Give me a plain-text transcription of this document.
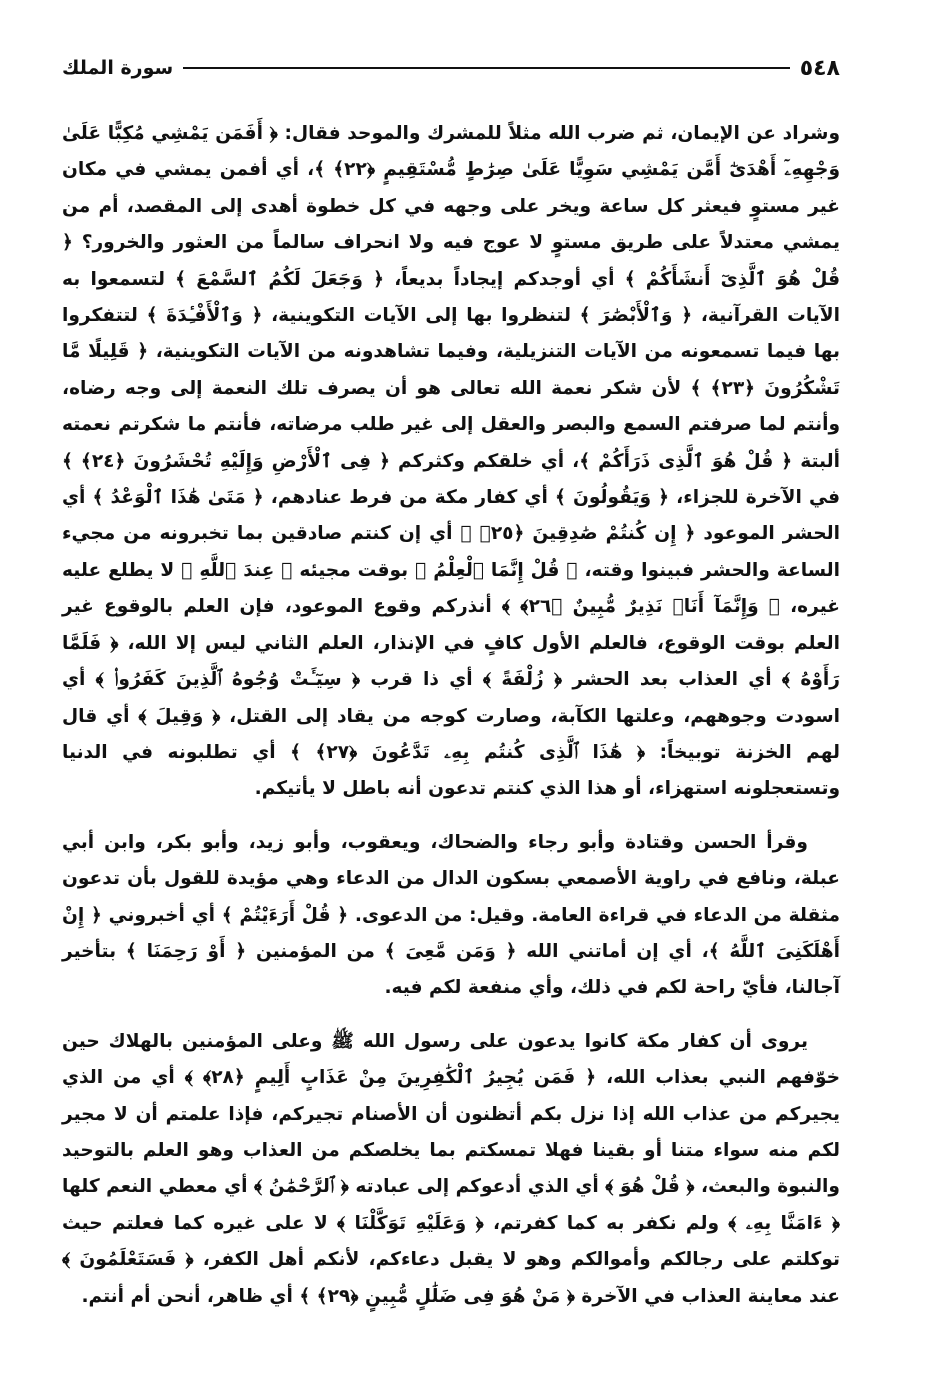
٥٤٨
سورة الملك

وشراد عن الإيمان، ثم ضرب الله مثلاً للمشرك والموحد فقال: ﴿ أَفَمَن يَمْشِي مُكِبًّا عَلَىٰ وَجْهِهِۦٓ أَهْدَىٰٓ أَمَّن يَمْشِي سَوِيًّا عَلَىٰ صِرَٰطٍ مُّسْتَقِيمٍ ﴿٢٢﴾ ﴾، أي أفمن يمشي في مكان غير مستوٍ فيعثر كل ساعة ويخر على وجهه في كل خطوة أهدى إلى المقصد، أم من يمشي معتدلاً على طريق مستوٍ لا عوج فيه ولا انحراف سالماً من العثور والخرور؟ ﴿ قُلْ هُوَ ٱلَّذِىٓ أَنشَأَكُمْ ﴾ أي أوجدكم إيجاداً بديعاً، ﴿ وَجَعَلَ لَكُمُ ٱلسَّمْعَ ﴾ لتسمعوا به الآيات القرآنية، ﴿ وَٱلْأَبْصَٰرَ ﴾ لتنظروا بها إلى الآيات التكوينية، ﴿ وَٱلْأَفْـِٔدَةَ ﴾ لتتفكروا بها فيما تسمعونه من الآيات التنزيلية، وفيما تشاهدونه من الآيات التكوينية، ﴿ قَلِيلًا مَّا تَشْكُرُونَ ﴿٢٣﴾ ﴾ لأن شكر نعمة الله تعالى هو أن يصرف تلك النعمة إلى وجه رضاه، وأنتم لما صرفتم السمع والبصر والعقل إلى غير طلب مرضاته، فأنتم ما شكرتم نعمته ألبتة ﴿ قُلْ هُوَ ٱلَّذِى ذَرَأَكُمْ ﴾، أي خلقكم وكثركم ﴿ فِى ٱلْأَرْضِ وَإِلَيْهِ تُحْشَرُونَ ﴿٢٤﴾ ﴾ في الآخرة للجزاء، ﴿ وَيَقُولُونَ ﴾ أي كفار مكة من فرط عنادهم، ﴿ مَتَىٰ هَٰذَا ٱلْوَعْدُ ﴾ أي الحشر الموعود ﴿ إِن كُنتُمْ صَٰدِقِينَ ﴿٢٥﴾ ﴾ أي إن كنتم صادقين بما تخبرونه من مجيء الساعة والحشر فبينوا وقته، ﴿ قُلْ إِنَّمَا ٱلْعِلْمُ ﴾ بوقت مجيئه ﴿ عِندَ ٱللَّهِ ﴾ لا يطلع عليه غيره، ﴿ وَإِنَّمَآ أَنَا۠ نَذِيرٌ مُّبِينٌ ﴿٢٦﴾ ﴾ أنذركم وقوع الموعود، فإن العلم بالوقوع غير العلم بوقت الوقوع، فالعلم الأول كافٍ في الإنذار، العلم الثاني ليس إلا الله، ﴿ فَلَمَّا رَأَوْهُ ﴾ أي العذاب بعد الحشر ﴿ زُلْفَةً ﴾ أي ذا قرب ﴿ سِيٓـَٔتْ وُجُوهُ ٱلَّذِينَ كَفَرُوا۟ ﴾ أي اسودت وجوههم، وعلتها الكآبة، وصارت كوجه من يقاد إلى القتل، ﴿ وَقِيلَ ﴾ أي قال لهم الخزنة توبيخاً: ﴿ هَٰذَا ٱلَّذِى كُنتُم بِهِۦ تَدَّعُونَ ﴿٢٧﴾ ﴾ أي تطلبونه في الدنيا وتستعجلونه استهزاء، أو هذا الذي كنتم تدعون أنه باطل لا يأتيكم.

وقرأ الحسن وقتادة وأبو رجاء والضحاك، ويعقوب، وأبو زيد، وأبو بكر، وابن أبي عبلة، ونافع في راوية الأصمعي بسكون الدال من الدعاء وهي مؤيدة للقول بأن تدعون مثقلة من الدعاء في قراءة العامة. وقيل: من الدعوى. ﴿ قُلْ أَرَءَيْتُمْ ﴾ أي أخبروني ﴿ إِنْ أَهْلَكَنِىَ ٱللَّهُ ﴾، أي إن أماتني الله ﴿ وَمَن مَّعِىَ ﴾ من المؤمنين ﴿ أَوْ رَحِمَنَا ﴾ بتأخير آجالنا، فأيّ راحة لكم في ذلك، وأي منفعة لكم فيه.

يروى أن كفار مكة كانوا يدعون على رسول الله ﷺ وعلى المؤمنين بالهلاك حين خوّفهم النبي بعذاب الله، ﴿ فَمَن يُجِيرُ ٱلْكَٰفِرِينَ مِنْ عَذَابٍ أَلِيمٍ ﴿٢٨﴾ ﴾ أي من الذي يجيركم من عذاب الله إذا نزل بكم أتظنون أن الأصنام تجيركم، فإذا علمتم أن لا مجير لكم منه سواء متنا أو بقينا فهلا تمسكتم بما يخلصكم من العذاب وهو العلم بالتوحيد والنبوة والبعث، ﴿ قُلْ هُوَ ﴾ أي الذي أدعوكم إلى عبادته ﴿ ٱلرَّحْمَٰنُ ﴾ أي معطي النعم كلها ﴿ ءَامَنَّا بِهِۦ ﴾ ولم نكفر به كما كفرتم، ﴿ وَعَلَيْهِ تَوَكَّلْنَا ﴾ لا على غيره كما فعلتم حيث توكلتم على رجالكم وأموالكم وهو لا يقبل دعاءكم، لأنكم أهل الكفر، ﴿ فَسَتَعْلَمُونَ ﴾ عند معاينة العذاب في الآخرة ﴿ مَنْ هُوَ فِى ضَلَٰلٍ مُّبِينٍ ﴿٢٩﴾ ﴾ أي ظاهر، أنحن أم أنتم.
